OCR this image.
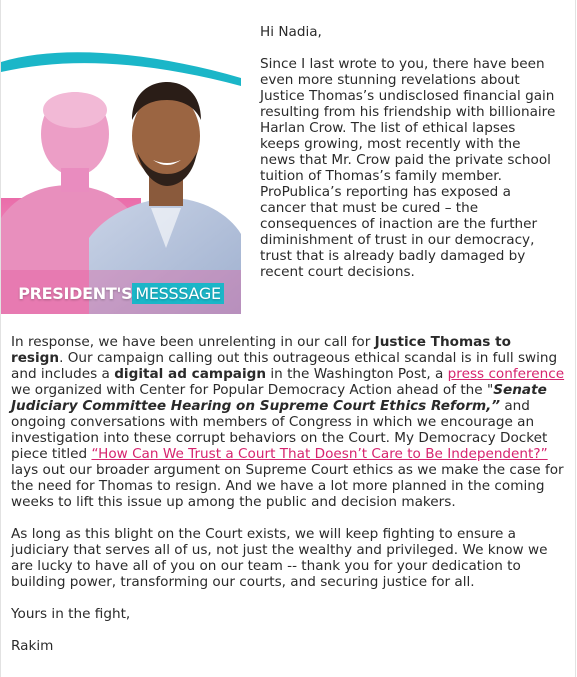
PRESIDENT'S MESSSAGE

Hi Nadia,

Since I last wrote to you, there have been even more stunning revelations about Justice Thomas’s undisclosed financial gain resulting from his friendship with billionaire Harlan Crow. The list of ethical lapses keeps growing, most recently with the news that Mr. Crow paid the private school tuition of Thomas’s family member. ProPublica’s reporting has exposed a cancer that must be cured – the consequences of inaction are the further diminishment of trust in our democracy, trust that is already badly damaged by recent court decisions.

In response, we have been unrelenting in our call for Justice Thomas to resign. Our campaign calling out this outrageous ethical scandal is in full swing and includes a digital ad campaign in the Washington Post, a press conference we organized with Center for Popular Democracy Action ahead of the "Senate Judiciary Committee Hearing on Supreme Court Ethics Reform,” and ongoing conversations with members of Congress in which we encourage an investigation into these corrupt behaviors on the Court. My Democracy Docket piece titled “How Can We Trust a Court That Doesn’t Care to Be Independent?” lays out our broader argument on Supreme Court ethics as we make the case for the need for Thomas to resign. And we have a lot more planned in the coming weeks to lift this issue up among the public and decision makers.

As long as this blight on the Court exists, we will keep fighting to ensure a judiciary that serves all of us, not just the wealthy and privileged. We know we are lucky to have all of you on our team -- thank you for your dedication to building power, transforming our courts, and securing justice for all.

Yours in the fight,

Rakim
